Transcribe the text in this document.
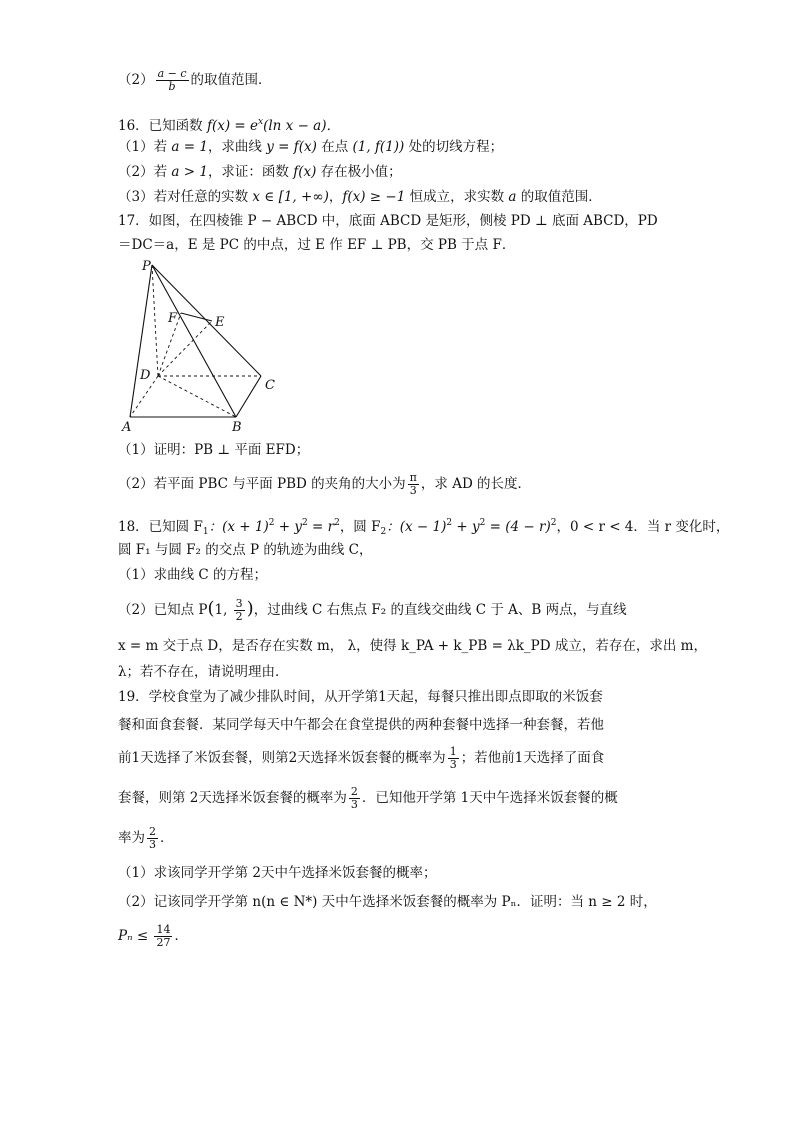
$(2) \frac{a - c}{b}$ 的取值范围．
16．已知函数 $f(x) = e^x(\ln$ x − a)．
（1）若 a = 1，求曲线 y = f(x) 在点 (1, f(1)) 处的切线方程；
（2）若 a > 1，求证：函数 f(x) 存在极小值；
（3）若对任意的实数 x ∈ [1, +∞)，f(x) ≥ −1 恒成立，求实数 a 的取值范围．
17．如图，在四棱锥 P − ABCD 中，底面 ABCD 是矩形，侧棱 PD ⊥ 底面 ABCD，PD
＝DC＝a，E 是 PC 的中点，过 E 作 EF ⊥ PB，交 PB 于点 F．
P
F	E
D
C
A	B
（1）证明：PB ⊥ 平面 EFD；
（2）若平面 PBC 与平面 PBD 的夹角的大小为 $\frac{\pi}{3}$ ，求 AD 的长度．
18．已知圆 $F_1$：$(x + 1)^2 + y^2 = r^2$，圆 $F_2$：$(x - 1)^2 + y^2 = (4 - r)^2$，0 < r < 4．当 r 变化时，
圆 F₁ 与圆 F₂ 的交点 P 的轨迹为曲线 C，
（1）求曲线 C 的方程；
（2）已知点 P(1, $\frac{3}{2}$ )，过曲线 C 右焦点 F₂ 的直线交曲线 C 于 A、B 两点，与直线
x = m 交于点 D，是否存在实数 m， λ，使得 k_PA + k_PB = λk_PD 成立，若存在，求出 m，
λ；若不存在，请说明理由．
19．学校食堂为了减少排队时间，从开学第1天起，每餐只推出即点即取的米饭套
餐和面食套餐．某同学每天中午都会在食堂提供的两种套餐中选择一种套餐，若他
前1天选择了米饭套餐，则第2天选择米饭套餐的概率为 $\frac{1}{3}$ ；若他前1天选择了面食
套餐，则第 2天选择米饭套餐的概率为 $\frac{2}{3}$ ．已知他开学第 1天中午选择米饭套餐的概
率为 $\frac{2}{3}$ ．
（1）求该同学开学第 2天中午选择米饭套餐的概率；
（2）记该同学开学第 n(n ∈ N*) 天中午选择米饭套餐的概率为 Pₙ．证明：当 n ≥ 2 时，
$P_n \le \frac{14}{27}$ ．
